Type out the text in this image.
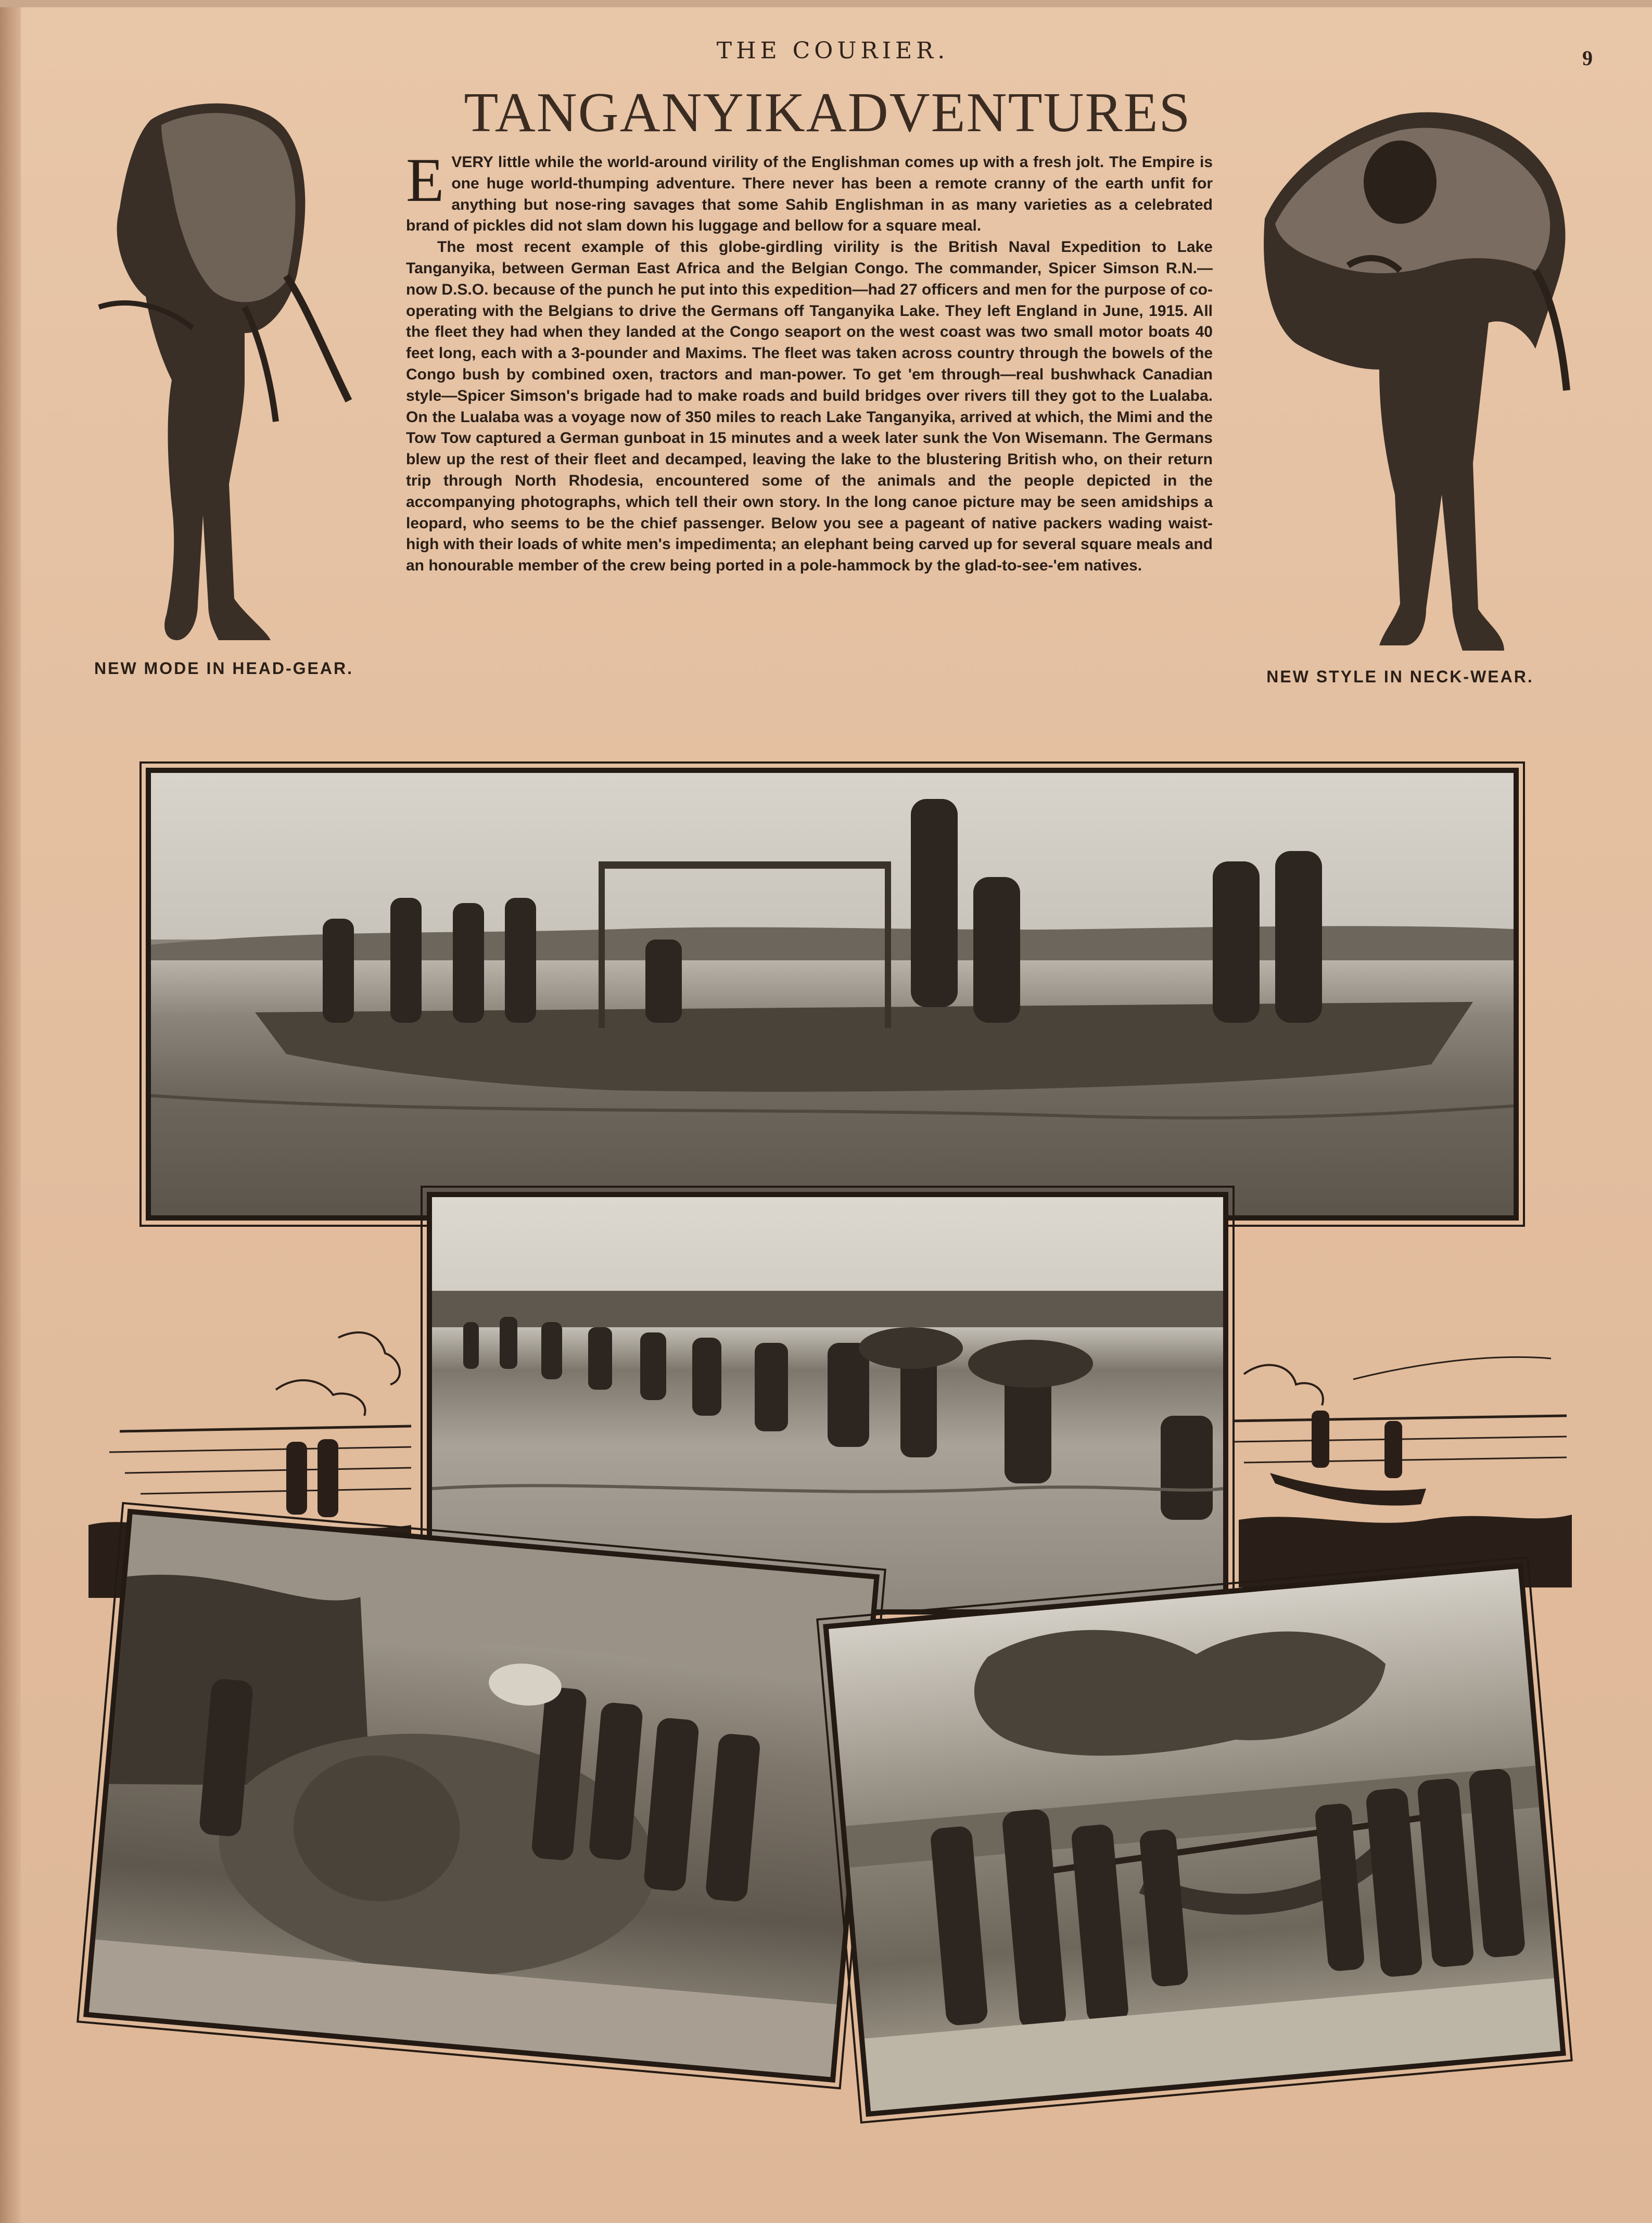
THE COURIER.	9
TANGANYIKADVENTURES

EVERY little while the world-around virility of the Englishman comes up with a fresh jolt. The Empire is one huge world-thumping adventure. There never has been a remote cranny of the earth unfit for anything but nose-ring savages that some Sahib Englishman in as many varieties as a celebrated brand of pickles did not slam down his luggage and bellow for a square meal.

The most recent example of this globe-girdling virility is the British Naval Expedition to Lake Tanganyika, between German East Africa and the Belgian Congo. The commander, Spicer Simson R.N.—now D.S.O. because of the punch he put into this expedition—had 27 officers and men for the purpose of co-operating with the Belgians to drive the Germans off Tanganyika Lake. They left England in June, 1915. All the fleet they had when they landed at the Congo seaport on the west coast was two small motor boats 40 feet long, each with a 3-pounder and Maxims. The fleet was taken across country through the bowels of the Congo bush by combined oxen, tractors and man-power. To get 'em through—real bushwhack Canadian style—Spicer Simson's brigade had to make roads and build bridges over rivers till they got to the Lualaba. On the Lualaba was a voyage now of 350 miles to reach Lake Tanganyika, arrived at which, the Mimi and the Tow Tow captured a German gunboat in 15 minutes and a week later sunk the Von Wisemann. The Germans blew up the rest of their fleet and decamped, leaving the lake to the blustering British who, on their return trip through North Rhodesia, encountered some of the animals and the people depicted in the accompanying photographs, which tell their own story. In the long canoe picture may be seen amidships a leopard, who seems to be the chief passenger. Below you see a pageant of native packers wading waist-high with their loads of white men's impedimenta; an elephant being carved up for several square meals and an honourable member of the crew being ported in a pole-hammock by the glad-to-see-'em natives.

NEW MODE IN HEAD-GEAR.	NEW STYLE IN NECK-WEAR.
